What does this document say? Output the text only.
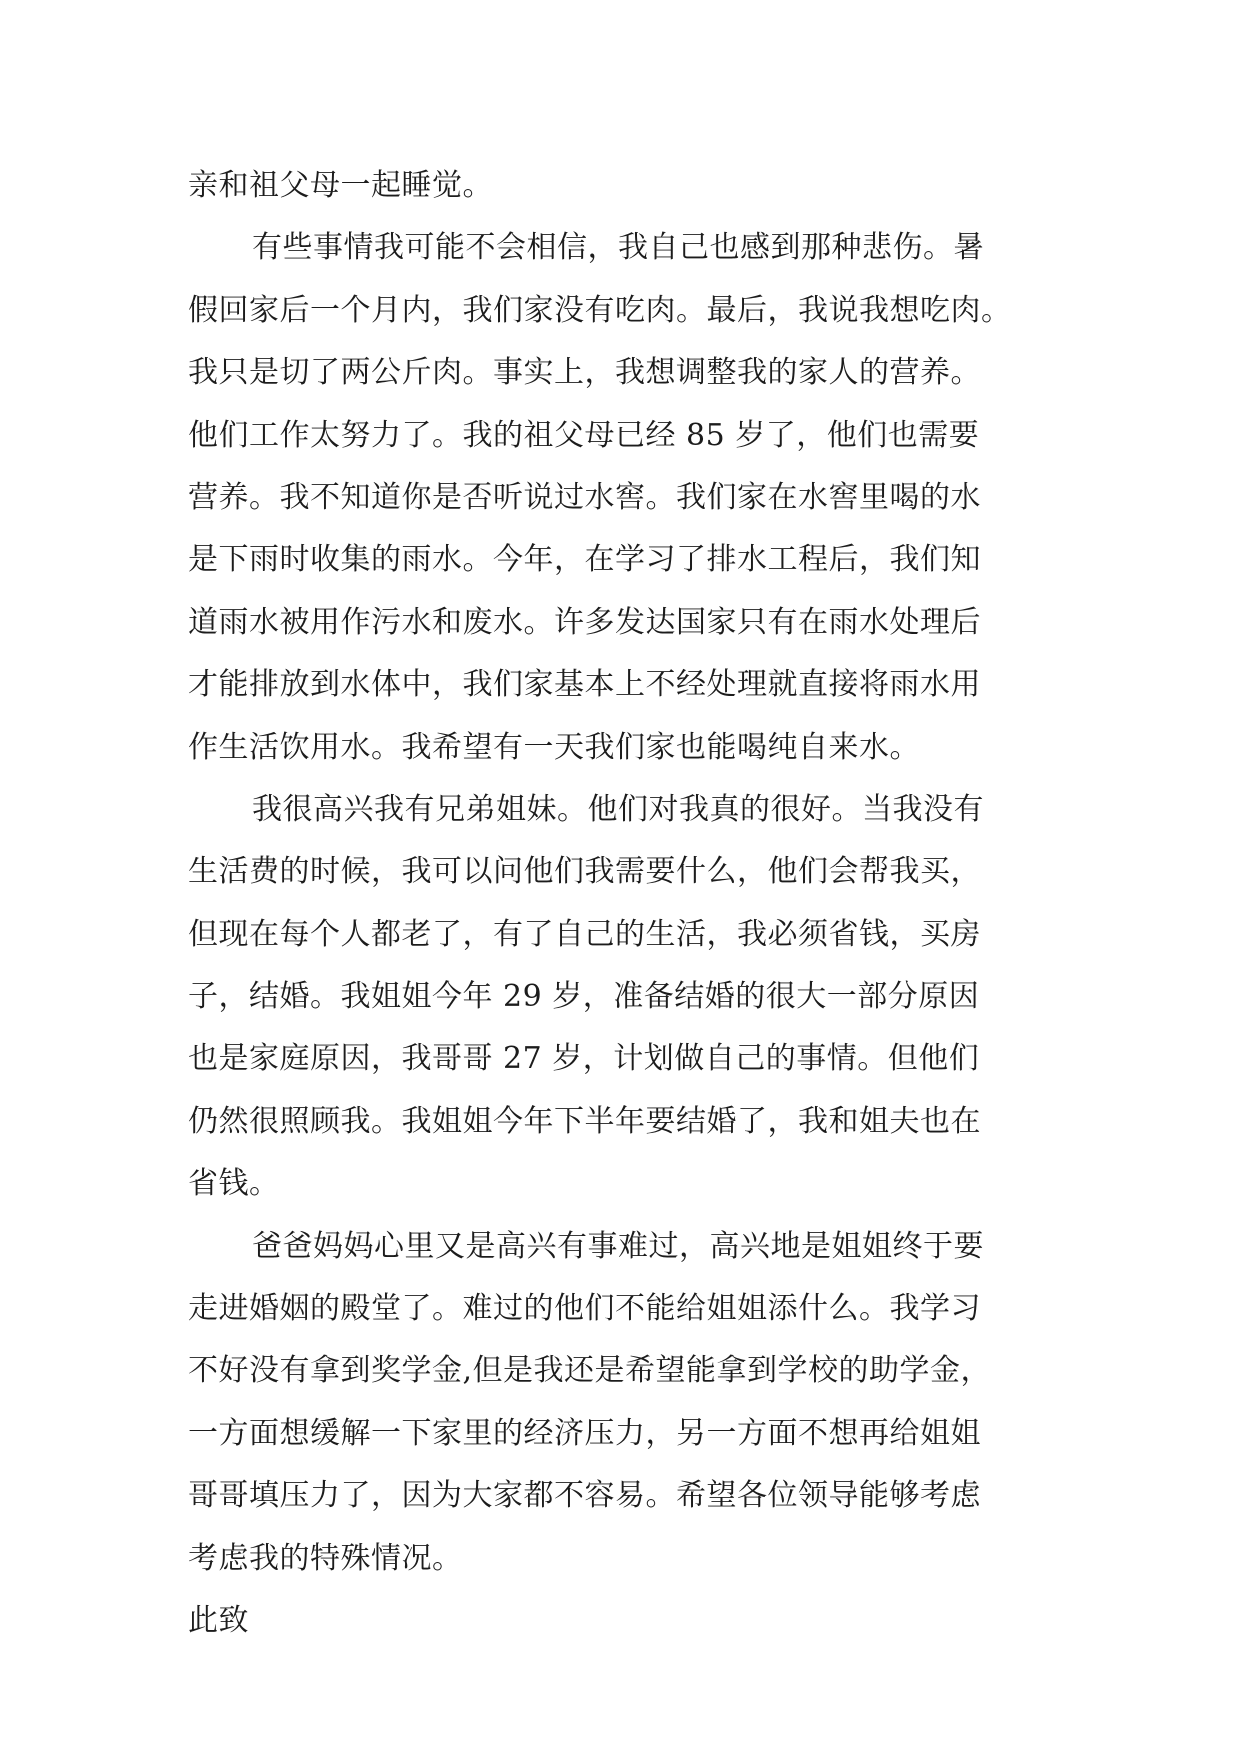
亲和祖父母一起睡觉。
有些事情我可能不会相信，我自己也感到那种悲伤。暑
假回家后一个月内，我们家没有吃肉。最后，我说我想吃肉。
我只是切了两公斤肉。事实上，我想调整我的家人的营养。
他们工作太努力了。我的祖父母已经 85 岁了，他们也需要
营养。我不知道你是否听说过水窖。我们家在水窖里喝的水
是下雨时收集的雨水。今年，在学习了排水工程后，我们知
道雨水被用作污水和废水。许多发达国家只有在雨水处理后
才能排放到水体中，我们家基本上不经处理就直接将雨水用
作生活饮用水。我希望有一天我们家也能喝纯自来水。
我很高兴我有兄弟姐妹。他们对我真的很好。当我没有
生活费的时候，我可以问他们我需要什么，他们会帮我买，
但现在每个人都老了，有了自己的生活，我必须省钱，买房
子，结婚。我姐姐今年 29 岁，准备结婚的很大一部分原因
也是家庭原因，我哥哥 27 岁，计划做自己的事情。但他们
仍然很照顾我。我姐姐今年下半年要结婚了，我和姐夫也在
省钱。
爸爸妈妈心里又是高兴有事难过，高兴地是姐姐终于要
走进婚姻的殿堂了。难过的他们不能给姐姐添什么。我学习
不好没有拿到奖学金,但是我还是希望能拿到学校的助学金，
一方面想缓解一下家里的经济压力，另一方面不想再给姐姐
哥哥填压力了，因为大家都不容易。希望各位领导能够考虑
考虑我的特殊情况。
此致
